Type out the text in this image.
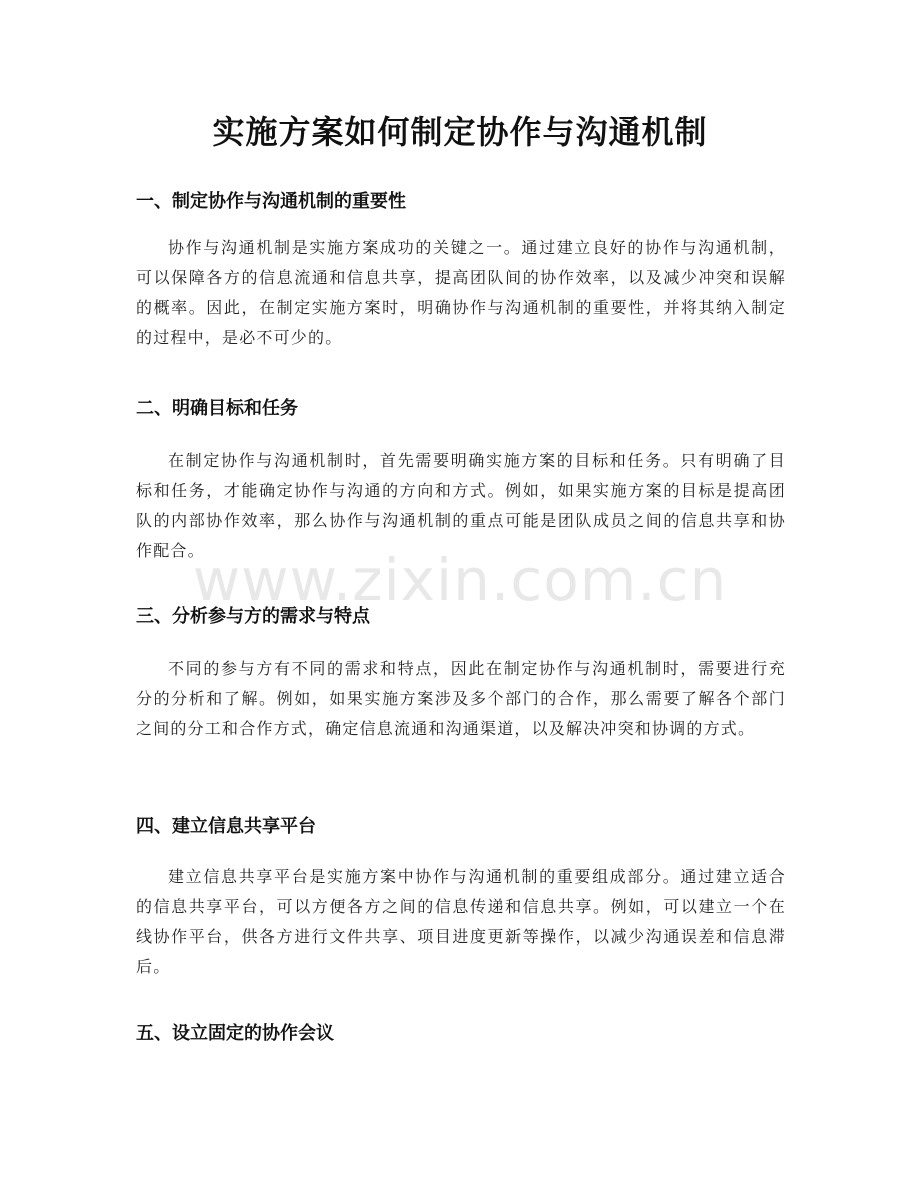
实施方案如何制定协作与沟通机制
一、制定协作与沟通机制的重要性

协作与沟通机制是实施方案成功的关键之一。通过建立良好的协作与沟通机制，可以保障各方的信息流通和信息共享，提高团队间的协作效率，以及减少冲突和误解的概率。因此，在制定实施方案时，明确协作与沟通机制的重要性，并将其纳入制定的过程中，是必不可少的。

二、明确目标和任务

在制定协作与沟通机制时，首先需要明确实施方案的目标和任务。只有明确了目标和任务，才能确定协作与沟通的方向和方式。例如，如果实施方案的目标是提高团队的内部协作效率，那么协作与沟通机制的重点可能是团队成员之间的信息共享和协作配合。

三、分析参与方的需求与特点

不同的参与方有不同的需求和特点，因此在制定协作与沟通机制时，需要进行充分的分析和了解。例如，如果实施方案涉及多个部门的合作，那么需要了解各个部门之间的分工和合作方式，确定信息流通和沟通渠道，以及解决冲突和协调的方式。

四、建立信息共享平台

建立信息共享平台是实施方案中协作与沟通机制的重要组成部分。通过建立适合的信息共享平台，可以方便各方之间的信息传递和信息共享。例如，可以建立一个在线协作平台，供各方进行文件共享、项目进度更新等操作，以减少沟通误差和信息滞后。

五、设立固定的协作会议
www.zixin.com.cn
